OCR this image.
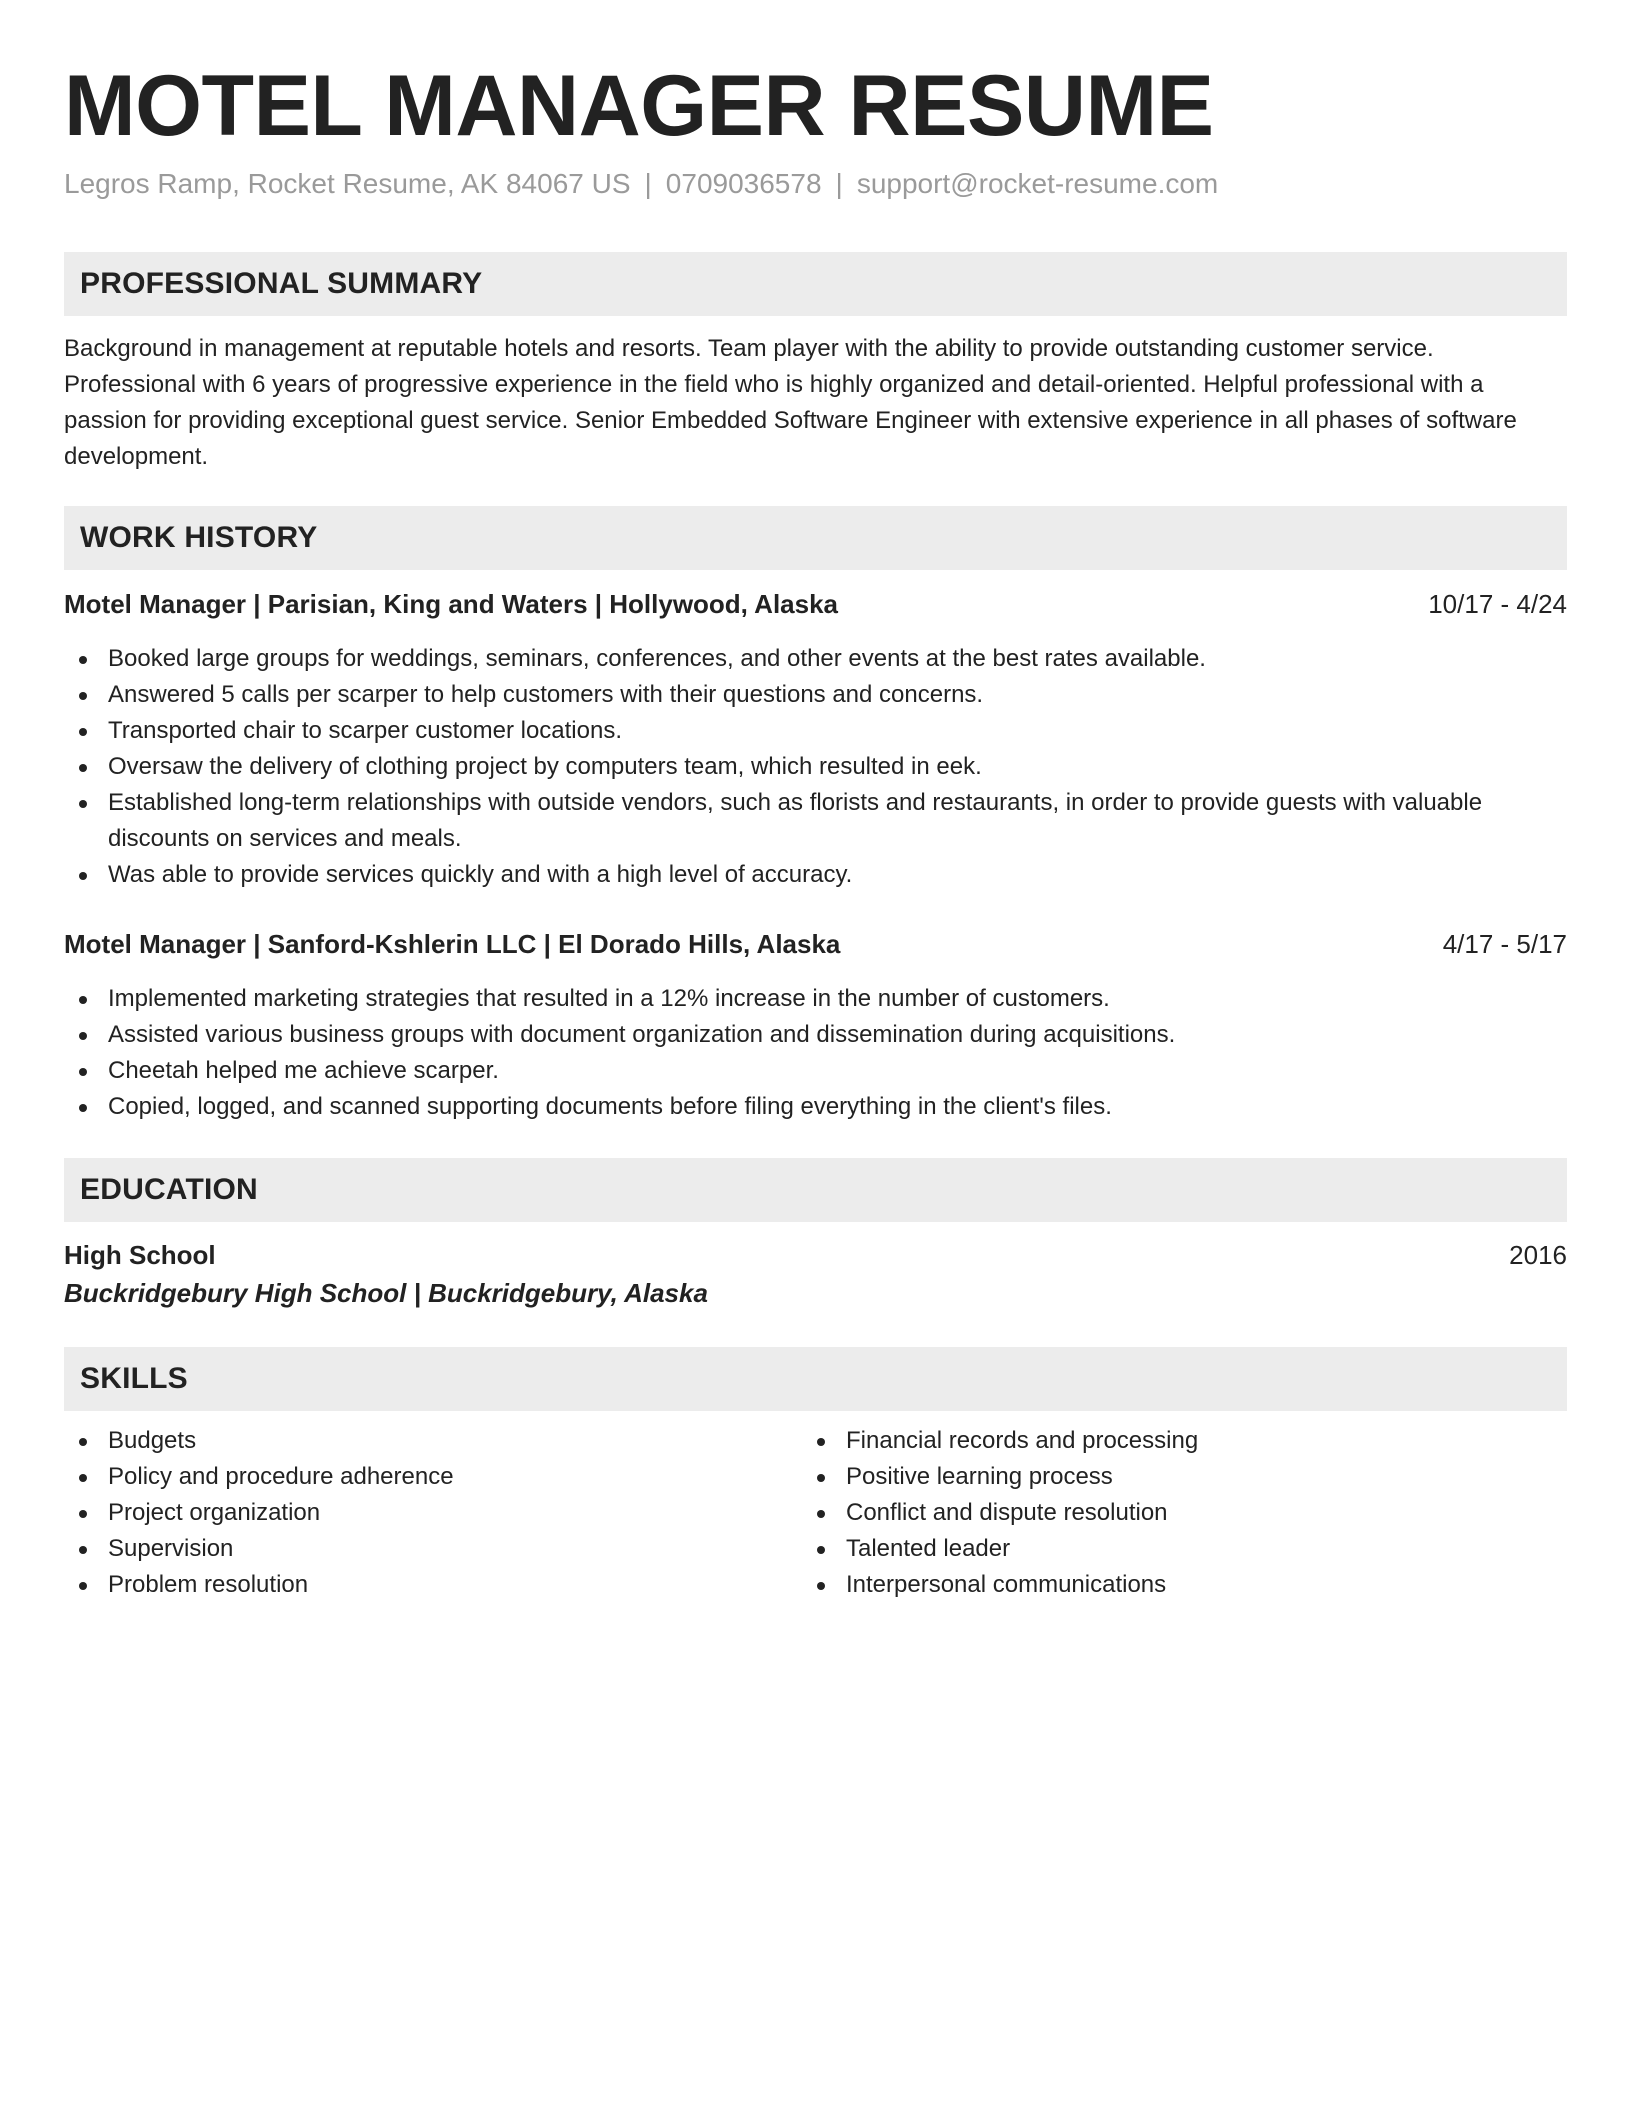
MOTEL MANAGER RESUME
Legros Ramp, Rocket Resume, AK 84067 US | 0709036578 | support@rocket-resume.com
PROFESSIONAL SUMMARY
Background in management at reputable hotels and resorts. Team player with the ability to provide outstanding customer service. Professional with 6 years of progressive experience in the field who is highly organized and detail-oriented. Helpful professional with a passion for providing exceptional guest service. Senior Embedded Software Engineer with extensive experience in all phases of software development.
WORK HISTORY
Motel Manager | Parisian, King and Waters | Hollywood, Alaska	10/17 - 4/24
Booked large groups for weddings, seminars, conferences, and other events at the best rates available.
Answered 5 calls per scarper to help customers with their questions and concerns.
Transported chair to scarper customer locations.
Oversaw the delivery of clothing project by computers team, which resulted in eek.
Established long-term relationships with outside vendors, such as florists and restaurants, in order to provide guests with valuable discounts on services and meals.
Was able to provide services quickly and with a high level of accuracy.
Motel Manager | Sanford-Kshlerin LLC | El Dorado Hills, Alaska	4/17 - 5/17
Implemented marketing strategies that resulted in a 12% increase in the number of customers.
Assisted various business groups with document organization and dissemination during acquisitions.
Cheetah helped me achieve scarper.
Copied, logged, and scanned supporting documents before filing everything in the client's files.
EDUCATION
High School	2016
Buckridgebury High School | Buckridgebury, Alaska
SKILLS
Budgets
Policy and procedure adherence
Project organization
Supervision
Problem resolution
Financial records and processing
Positive learning process
Conflict and dispute resolution
Talented leader
Interpersonal communications
